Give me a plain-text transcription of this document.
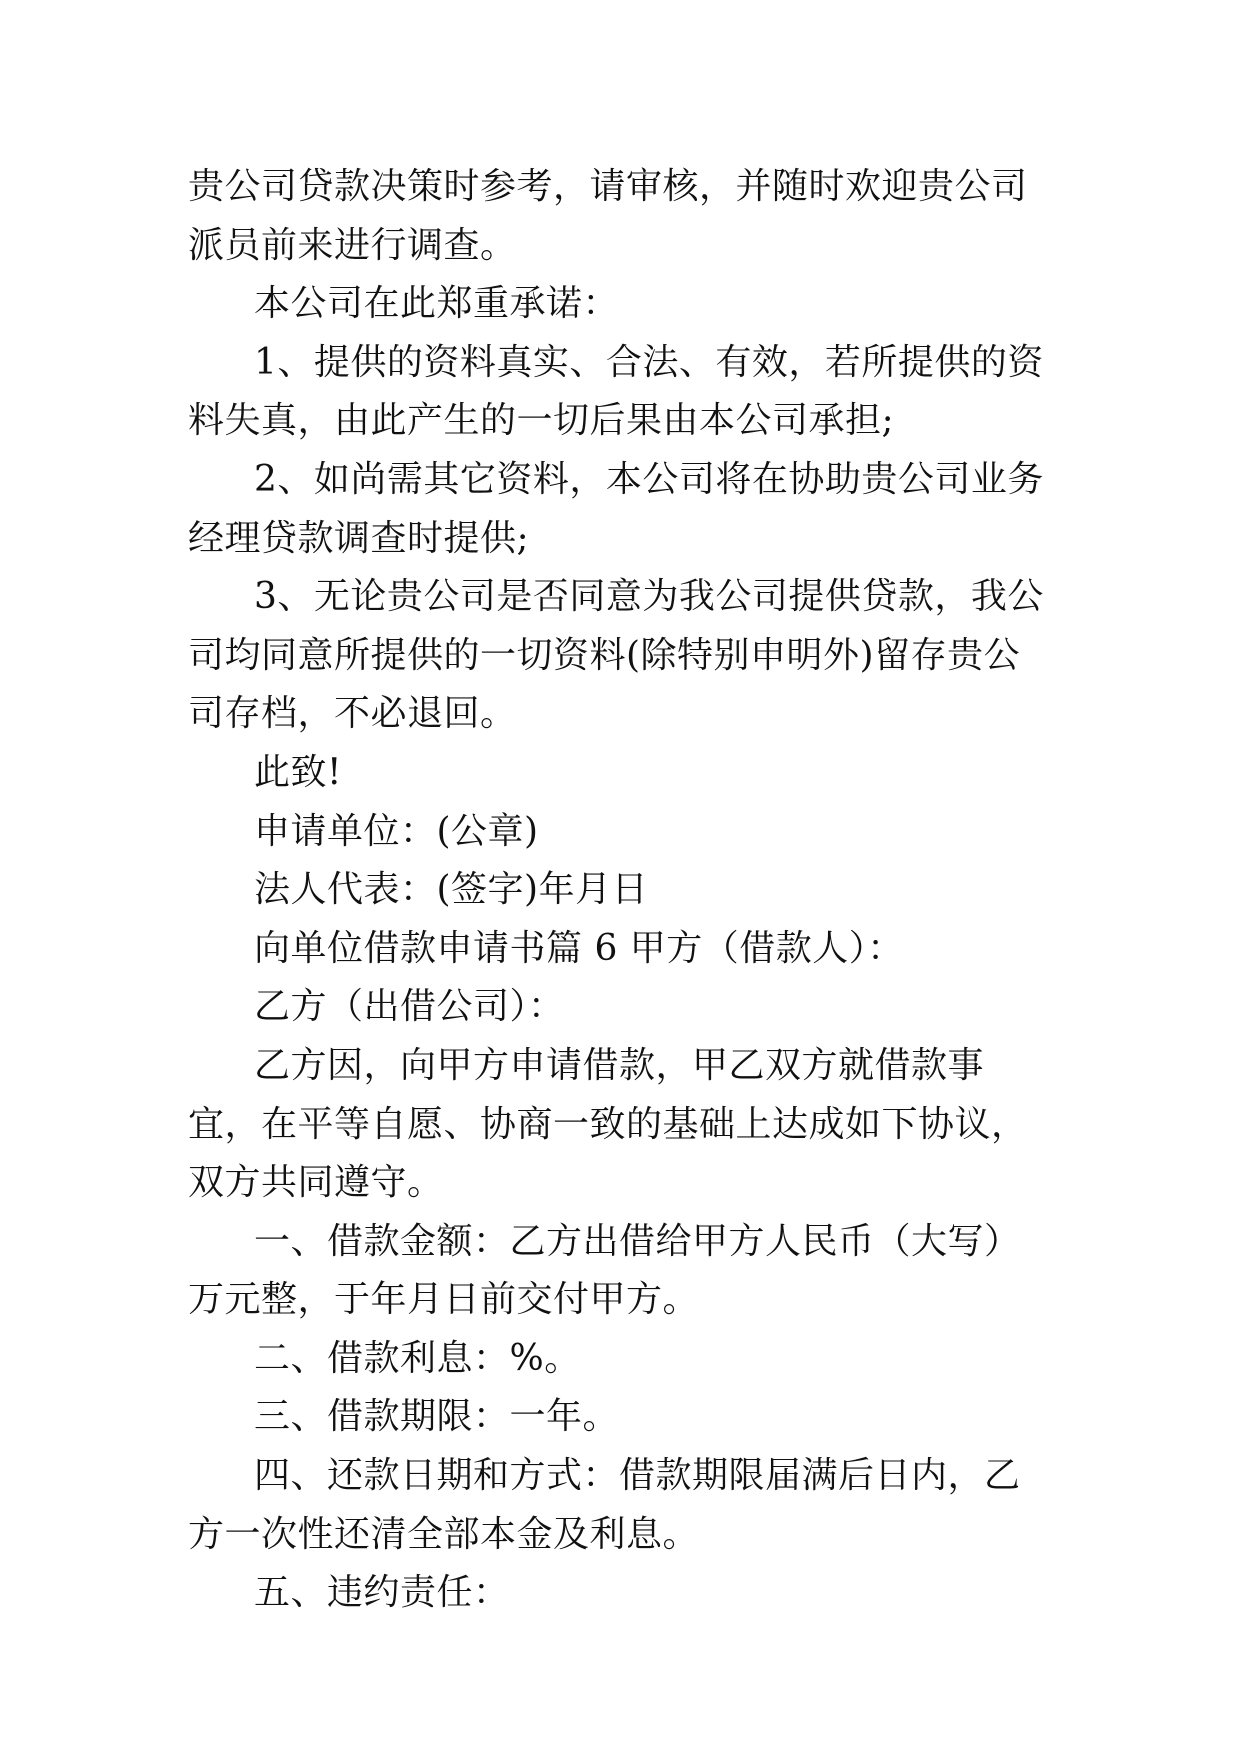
贵公司贷款决策时参考，请审核，并随时欢迎贵公司派员前来进行调查。

本公司在此郑重承诺：

1、提供的资料真实、合法、有效，若所提供的资料失真，由此产生的一切后果由本公司承担;

2、如尚需其它资料，本公司将在协助贵公司业务经理贷款调查时提供;

3、无论贵公司是否同意为我公司提供贷款，我公司均同意所提供的一切资料(除特别申明外)留存贵公司存档，不必退回。

此致!

申请单位：(公章)

法人代表：(签字)年月日

向单位借款申请书篇 6 甲方（借款人）：

乙方（出借公司）：

乙方因，向甲方申请借款，甲乙双方就借款事宜，在平等自愿、协商一致的基础上达成如下协议，双方共同遵守。

一、借款金额：乙方出借给甲方人民币（大写）万元整，于年月日前交付甲方。

二、借款利息：%。

三、借款期限：一年。

四、还款日期和方式：借款期限届满后日内，乙方一次性还清全部本金及利息。

五、违约责任：
